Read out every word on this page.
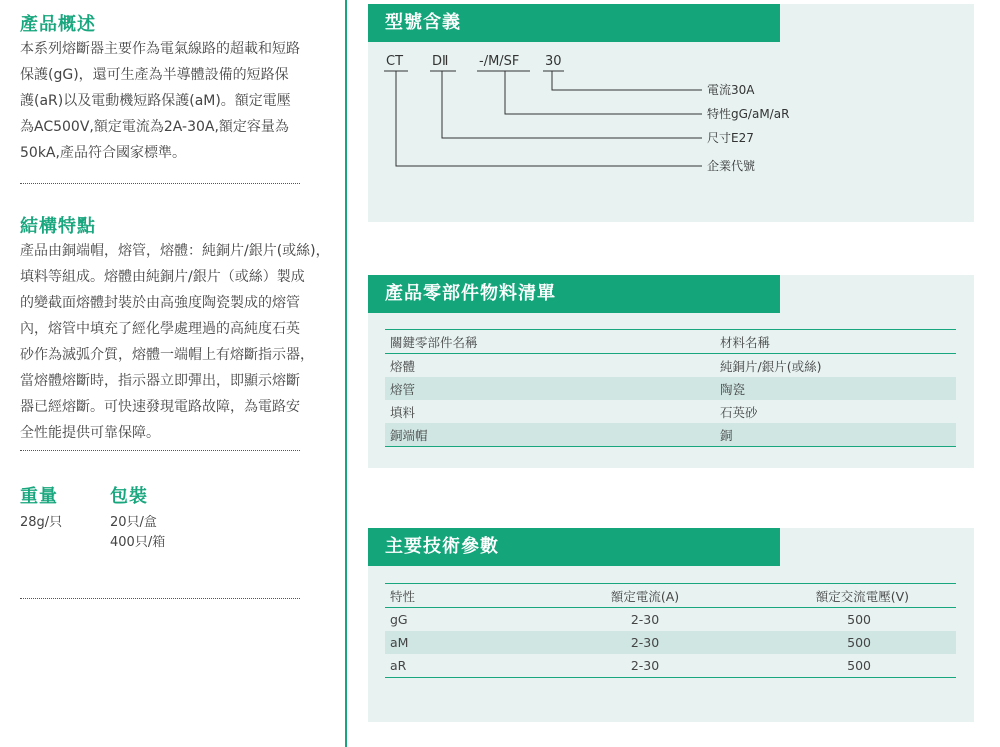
產品概述
本系列熔斷器主要作為電氣線路的超載和短路
保護(gG)，還可生產為半導體設備的短路保
護(aR)以及電動機短路保護(aM)。額定電壓
為AC500V,額定電流為2A-30A,額定容量為
50kA,產品符合國家標準。
結構特點
產品由銅端帽，熔管，熔體：純銅片/銀片(或絲)，
填料等組成。熔體由純銅片/銀片（或絲）製成
的變截面熔體封裝於由高強度陶瓷製成的熔管
內，熔管中填充了經化學處理過的高純度石英
砂作為滅弧介質，熔體一端帽上有熔斷指示器，
當熔體熔斷時，指示器立即彈出，即顯示熔斷
器已經熔斷。可快速發現電路故障，為電路安
全性能提供可靠保障。
重量
28g/只
包裝
20只/盒
400只/箱
型號含義
CT DⅡ -/M/SF 30
電流30A
特性gG/aM/aR
尺寸E27
企業代號
產品零部件物料清單
關鍵零部件名稱	材料名稱
熔體	純銅片/銀片(或絲)
熔管	陶瓷
填料	石英砂
銅端帽	銅
主要技術參數
特性	額定電流(A)	額定交流電壓(V)
gG	2-30	500
aM	2-30	500
aR	2-30	500
